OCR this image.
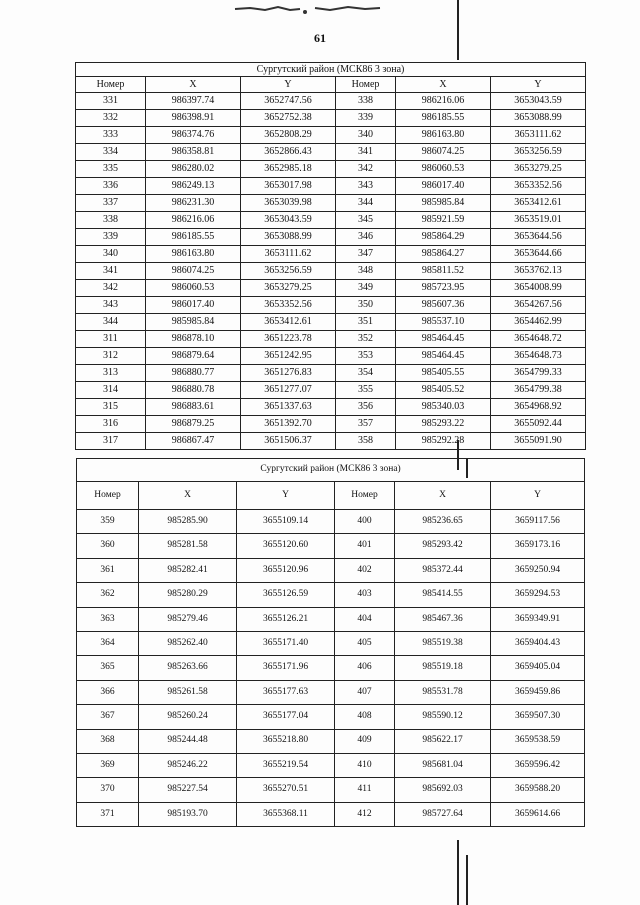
61
Сургутский район (МСК86 3 зона)					
Номер	X	Y	Номер	X	Y
331	986397.74	3652747.56	338	986216.06	3653043.59
332	986398.91	3652752.38	339	986185.55	3653088.99
333	986374.76	3652808.29	340	986163.80	3653111.62
334	986358.81	3652866.43	341	986074.25	3653256.59
335	986280.02	3652985.18	342	986060.53	3653279.25
336	986249.13	3653017.98	343	986017.40	3653352.56
337	986231.30	3653039.98	344	985985.84	3653412.61
338	986216.06	3653043.59	345	985921.59	3653519.01
339	986185.55	3653088.99	346	985864.29	3653644.56
340	986163.80	3653111.62	347	985864.27	3653644.66
341	986074.25	3653256.59	348	985811.52	3653762.13
342	986060.53	3653279.25	349	985723.95	3654008.99
343	986017.40	3653352.56	350	985607.36	3654267.56
344	985985.84	3653412.61	351	985537.10	3654462.99
311	986878.10	3651223.78	352	985464.45	3654648.72
312	986879.64	3651242.95	353	985464.45	3654648.73
313	986880.77	3651276.83	354	985405.55	3654799.33
314	986880.78	3651277.07	355	985405.52	3654799.38
315	986883.61	3651337.63	356	985340.03	3654968.92
316	986879.25	3651392.70	357	985293.22	3655092.44
317	986867.47	3651506.37	358	985292.28	3655091.90
Сургутский район (МСК86 3 зона)					
Номер	X	Y	Номер	X	Y
359	985285.90	3655109.14	400	985236.65	3659117.56
360	985281.58	3655120.60	401	985293.42	3659173.16
361	985282.41	3655120.96	402	985372.44	3659250.94
362	985280.29	3655126.59	403	985414.55	3659294.53
363	985279.46	3655126.21	404	985467.36	3659349.91
364	985262.40	3655171.40	405	985519.38	3659404.43
365	985263.66	3655171.96	406	985519.18	3659405.04
366	985261.58	3655177.63	407	985531.78	3659459.86
367	985260.24	3655177.04	408	985590.12	3659507.30
368	985244.48	3655218.80	409	985622.17	3659538.59
369	985246.22	3655219.54	410	985681.04	3659596.42
370	985227.54	3655270.51	411	985692.03	3659588.20
371	985193.70	3655368.11	412	985727.64	3659614.66
